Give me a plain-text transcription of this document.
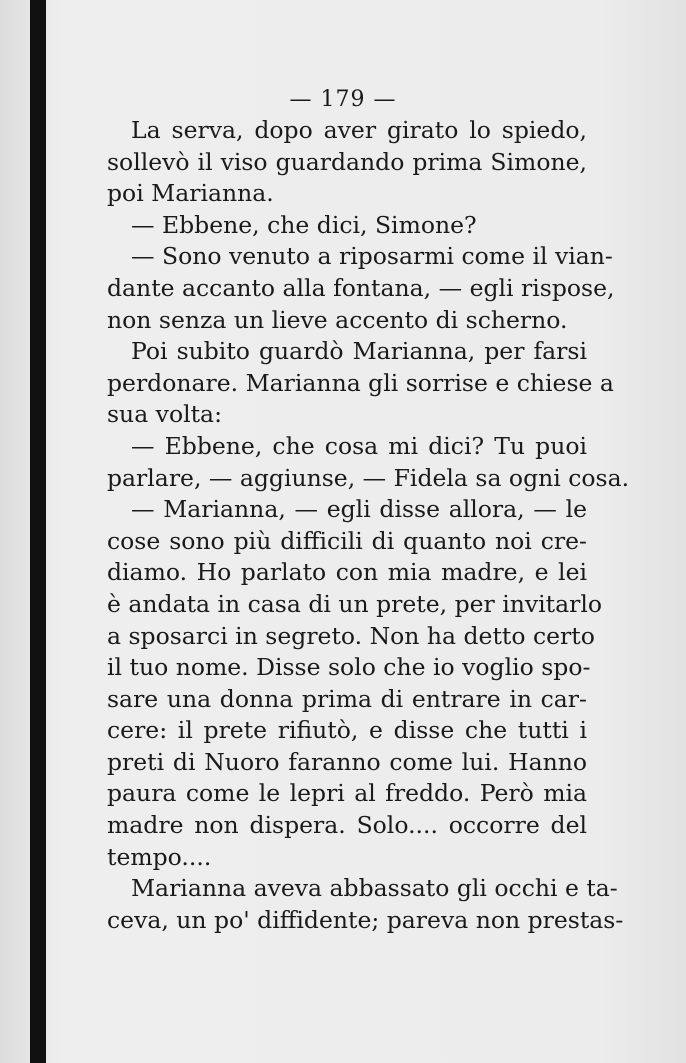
— 179 —
La serva, dopo aver girato lo spiedo,
sollevò il viso guardando prima Simone,
poi Marianna.
— Ebbene, che dici, Simone?
— Sono venuto a riposarmi come il vian-
dante accanto alla fontana, — egli rispose,
non senza un lieve accento di scherno.
Poi subito guardò Marianna, per farsi
perdonare. Marianna gli sorrise e chiese a
sua volta:
— Ebbene, che cosa mi dici? Tu puoi
parlare, — aggiunse, — Fidela sa ogni cosa.
— Marianna, — egli disse allora, — le
cose sono più difficili di quanto noi cre-
diamo. Ho parlato con mia madre, e lei
è andata in casa di un prete, per invitarlo
a sposarci in segreto. Non ha detto certo
il tuo nome. Disse solo che io voglio spo-
sare una donna prima di entrare in car-
cere: il prete rifiutò, e disse che tutti i
preti di Nuoro faranno come lui. Hanno
paura come le lepri al freddo. Però mia
madre non dispera. Solo.... occorre del
tempo....
Marianna aveva abbassato gli occhi e ta-
ceva, un po' diffidente; pareva non prestas-
